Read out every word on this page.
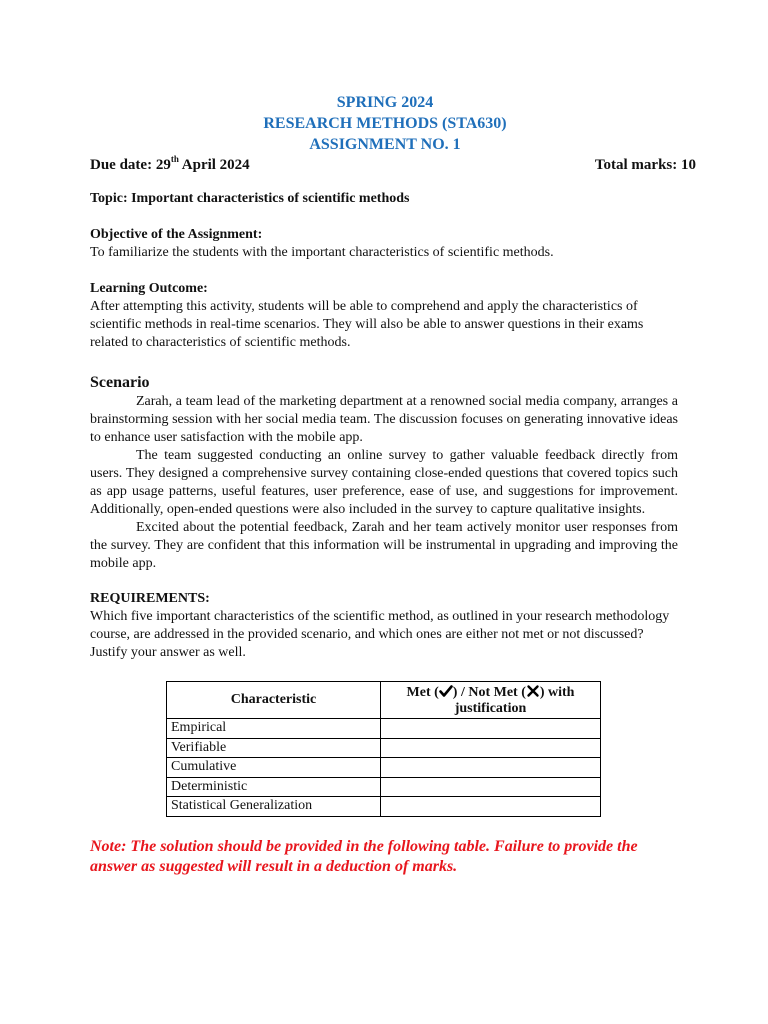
SPRING 2024
RESEARCH METHODS (STA630)
ASSIGNMENT NO. 1
Due date: 29th April 2024	Total marks: 10
Topic: Important characteristics of scientific methods
Objective of the Assignment:
To familiarize the students with the important characteristics of scientific methods.
Learning Outcome:
After attempting this activity, students will be able to comprehend and apply the characteristics of scientific methods in real-time scenarios. They will also be able to answer questions in their exams related to characteristics of scientific methods.
Scenario
Zarah, a team lead of the marketing department at a renowned social media company, arranges a brainstorming session with her social media team. The discussion focuses on generating innovative ideas to enhance user satisfaction with the mobile app.
The team suggested conducting an online survey to gather valuable feedback directly from users. They designed a comprehensive survey containing close-ended questions that covered topics such as app usage patterns, useful features, user preference, ease of use, and suggestions for improvement. Additionally, open-ended questions were also included in the survey to capture qualitative insights.
Excited about the potential feedback, Zarah and her team actively monitor user responses from the survey. They are confident that this information will be instrumental in upgrading and improving the mobile app.
REQUIREMENTS:
Which five important characteristics of the scientific method, as outlined in your research methodology course, are addressed in the provided scenario, and which ones are either not met or not discussed? Justify your answer as well.
Characteristic	Met ( ) / Not Met ( ) with
justification
Empirical	
Verifiable	
Cumulative	
Deterministic	
Statistical Generalization	
Note: The solution should be provided in the following table. Failure to provide the answer as suggested will result in a deduction of marks.
